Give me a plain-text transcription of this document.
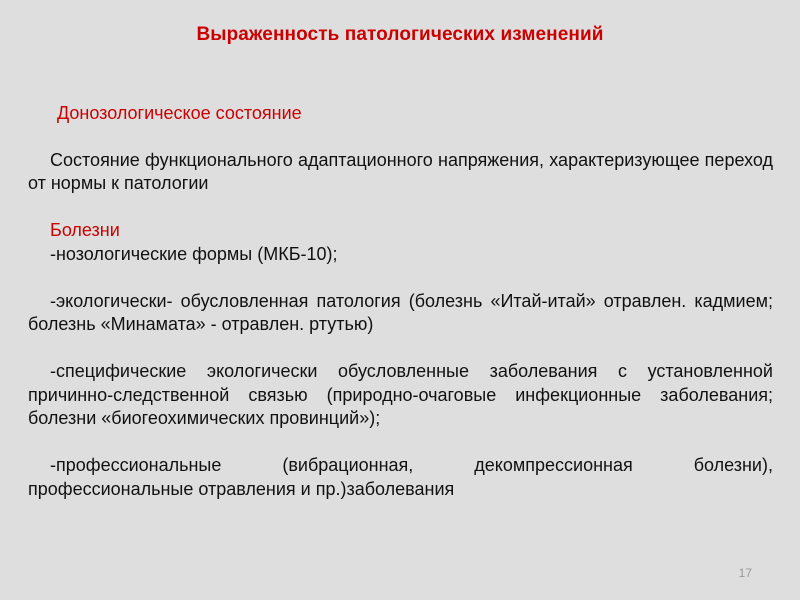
Выраженность патологических изменений
Донозологическое состояние

Состояние функционального адаптационного напряжения, характеризующее переход от нормы к патологии

Болезни

-нозологические формы (МКБ-10);

-экологически- обусловленная патология (болезнь «Итай-итай» отравлен. кадмием; болезнь «Минамата» - отравлен. ртутью)

-специфические экологически обусловленные заболевания с установленной причинно-следственной связью (природно-очаговые инфекционные заболевания; болезни «биогеохимических провинций»);

-профессиональные (вибрационная, декомпрессионная болезни), профессиональные отравления и пр.)заболевания

17
